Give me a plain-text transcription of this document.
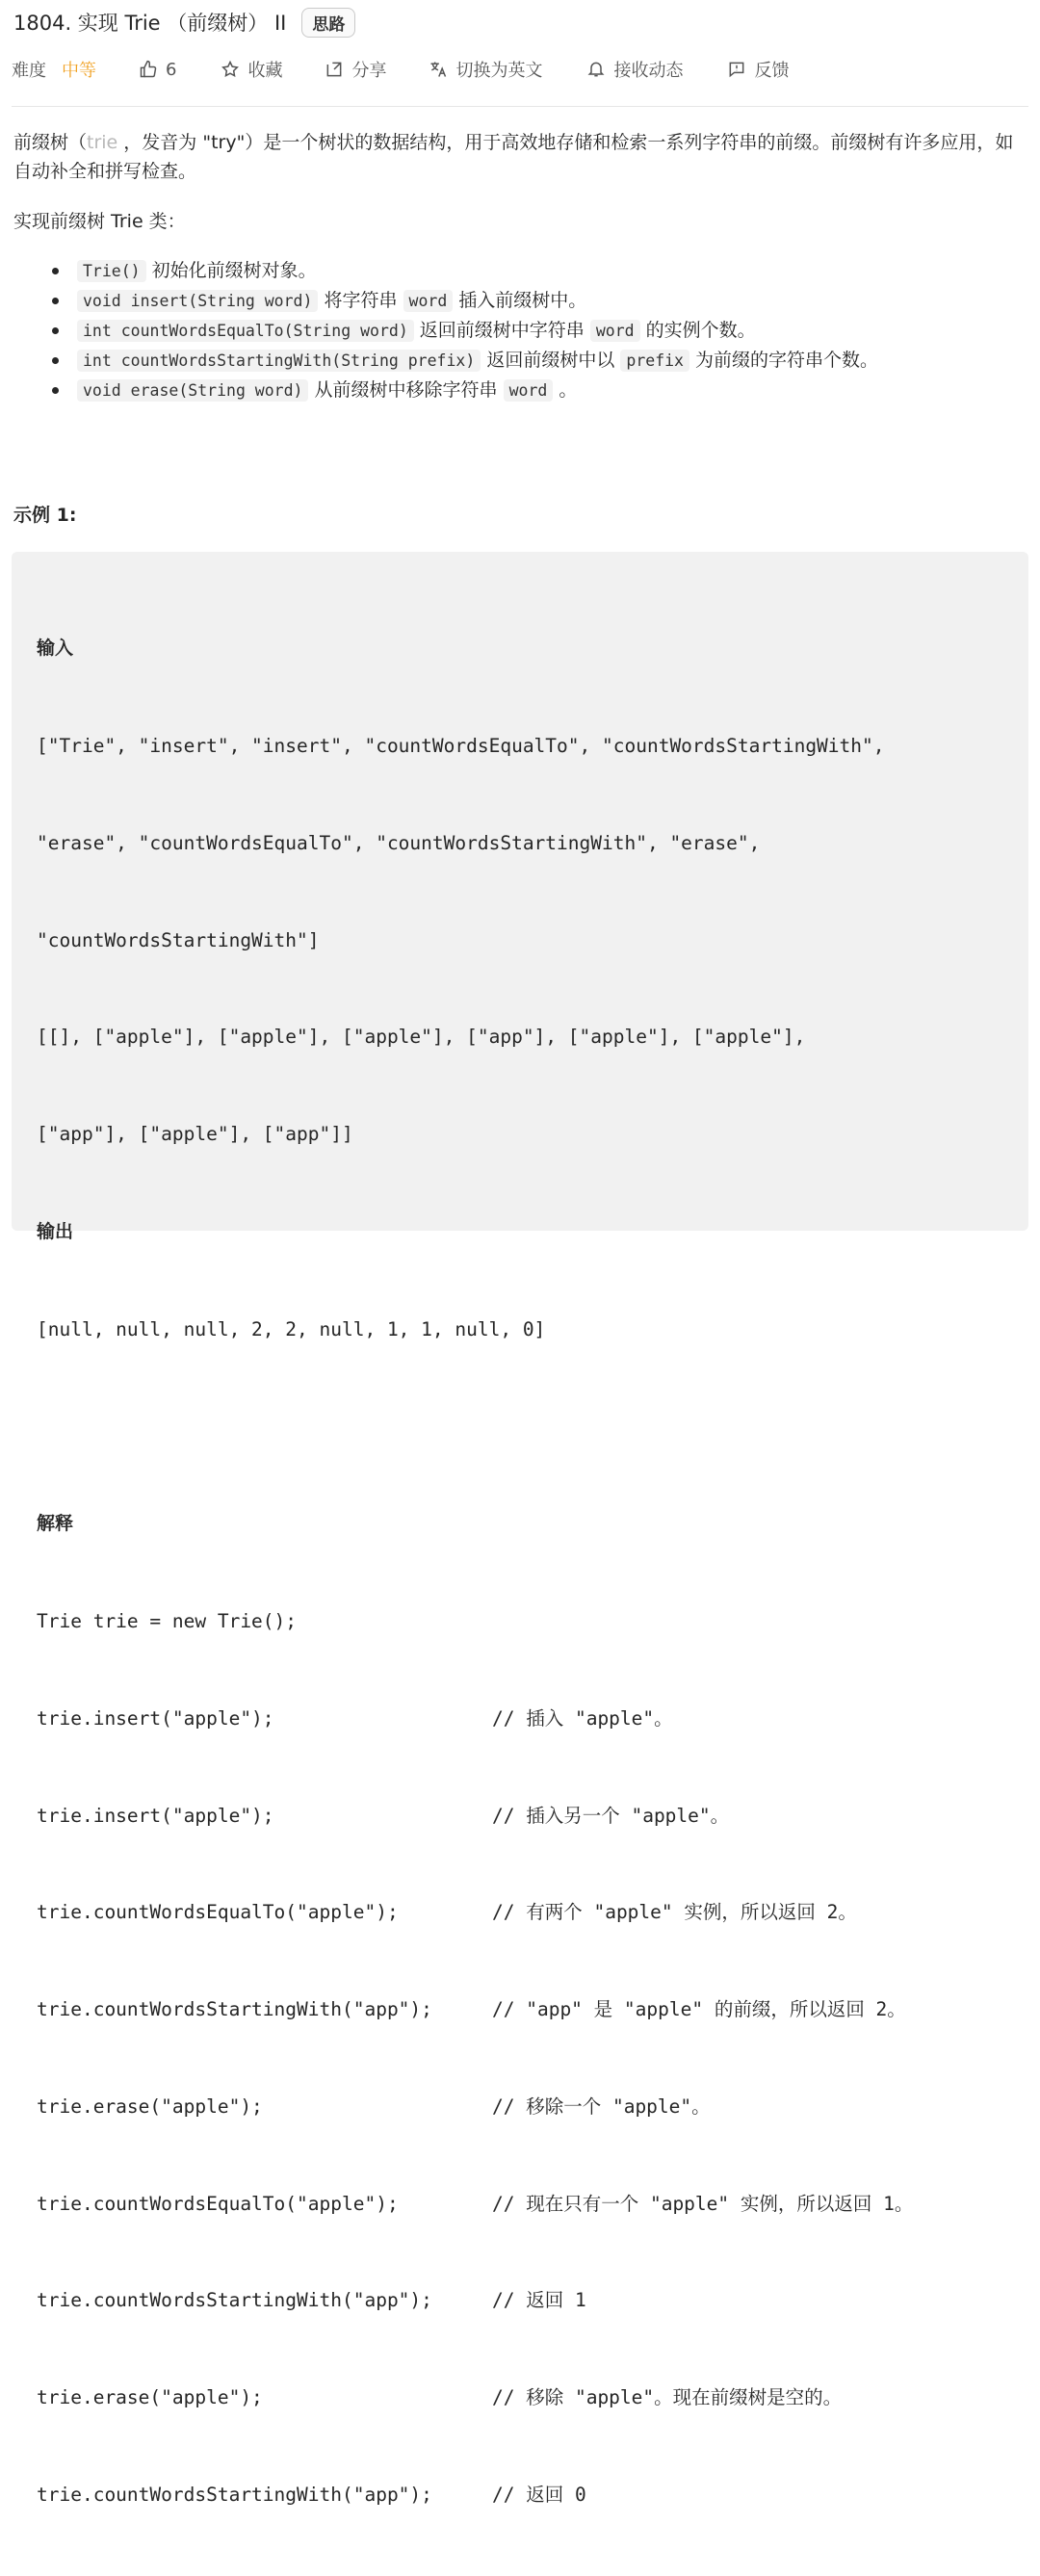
1804. 实现 Trie （前缀树） II	思路
难度 中等	6	收藏	分享	切换为英文	接收动态	反馈
前缀树（trie ，发音为 "try"）是一个树状的数据结构，用于高效地存储和检索一系列字符串的前缀。前缀树有许多应用，如自动补全和拼写检查。
实现前缀树 Trie 类：
Trie() 初始化前缀树对象。
void insert(String word) 将字符串 word 插入前缀树中。
int countWordsEqualTo(String word) 返回前缀树中字符串 word 的实例个数。
int countWordsStartingWith(String prefix) 返回前缀树中以 prefix 为前缀的字符串个数。
void erase(String word) 从前缀树中移除字符串 word 。
示例 1:

输入

["Trie", "insert", "insert", "countWordsEqualTo", "countWordsStartingWith",

"erase", "countWordsEqualTo", "countWordsStartingWith", "erase",

"countWordsStartingWith"]

[[], ["apple"], ["apple"], ["apple"], ["app"], ["apple"], ["apple"],

["app"], ["apple"], ["app"]]

输出

[null, null, null, 2, 2, null, 1, 1, null, 0]

解释

Trie trie = new Trie();

trie.insert("apple");	// 插入 "apple"。

trie.insert("apple");	// 插入另一个 "apple"。

trie.countWordsEqualTo("apple");	// 有两个 "apple" 实例，所以返回 2。

trie.countWordsStartingWith("app");	// "app" 是 "apple" 的前缀，所以返回 2。

trie.erase("apple");	// 移除一个 "apple"。

trie.countWordsEqualTo("apple");	// 现在只有一个 "apple" 实例，所以返回 1。

trie.countWordsStartingWith("app");	// 返回 1

trie.erase("apple");	// 移除 "apple"。现在前缀树是空的。

trie.countWordsStartingWith("app");	// 返回 0
